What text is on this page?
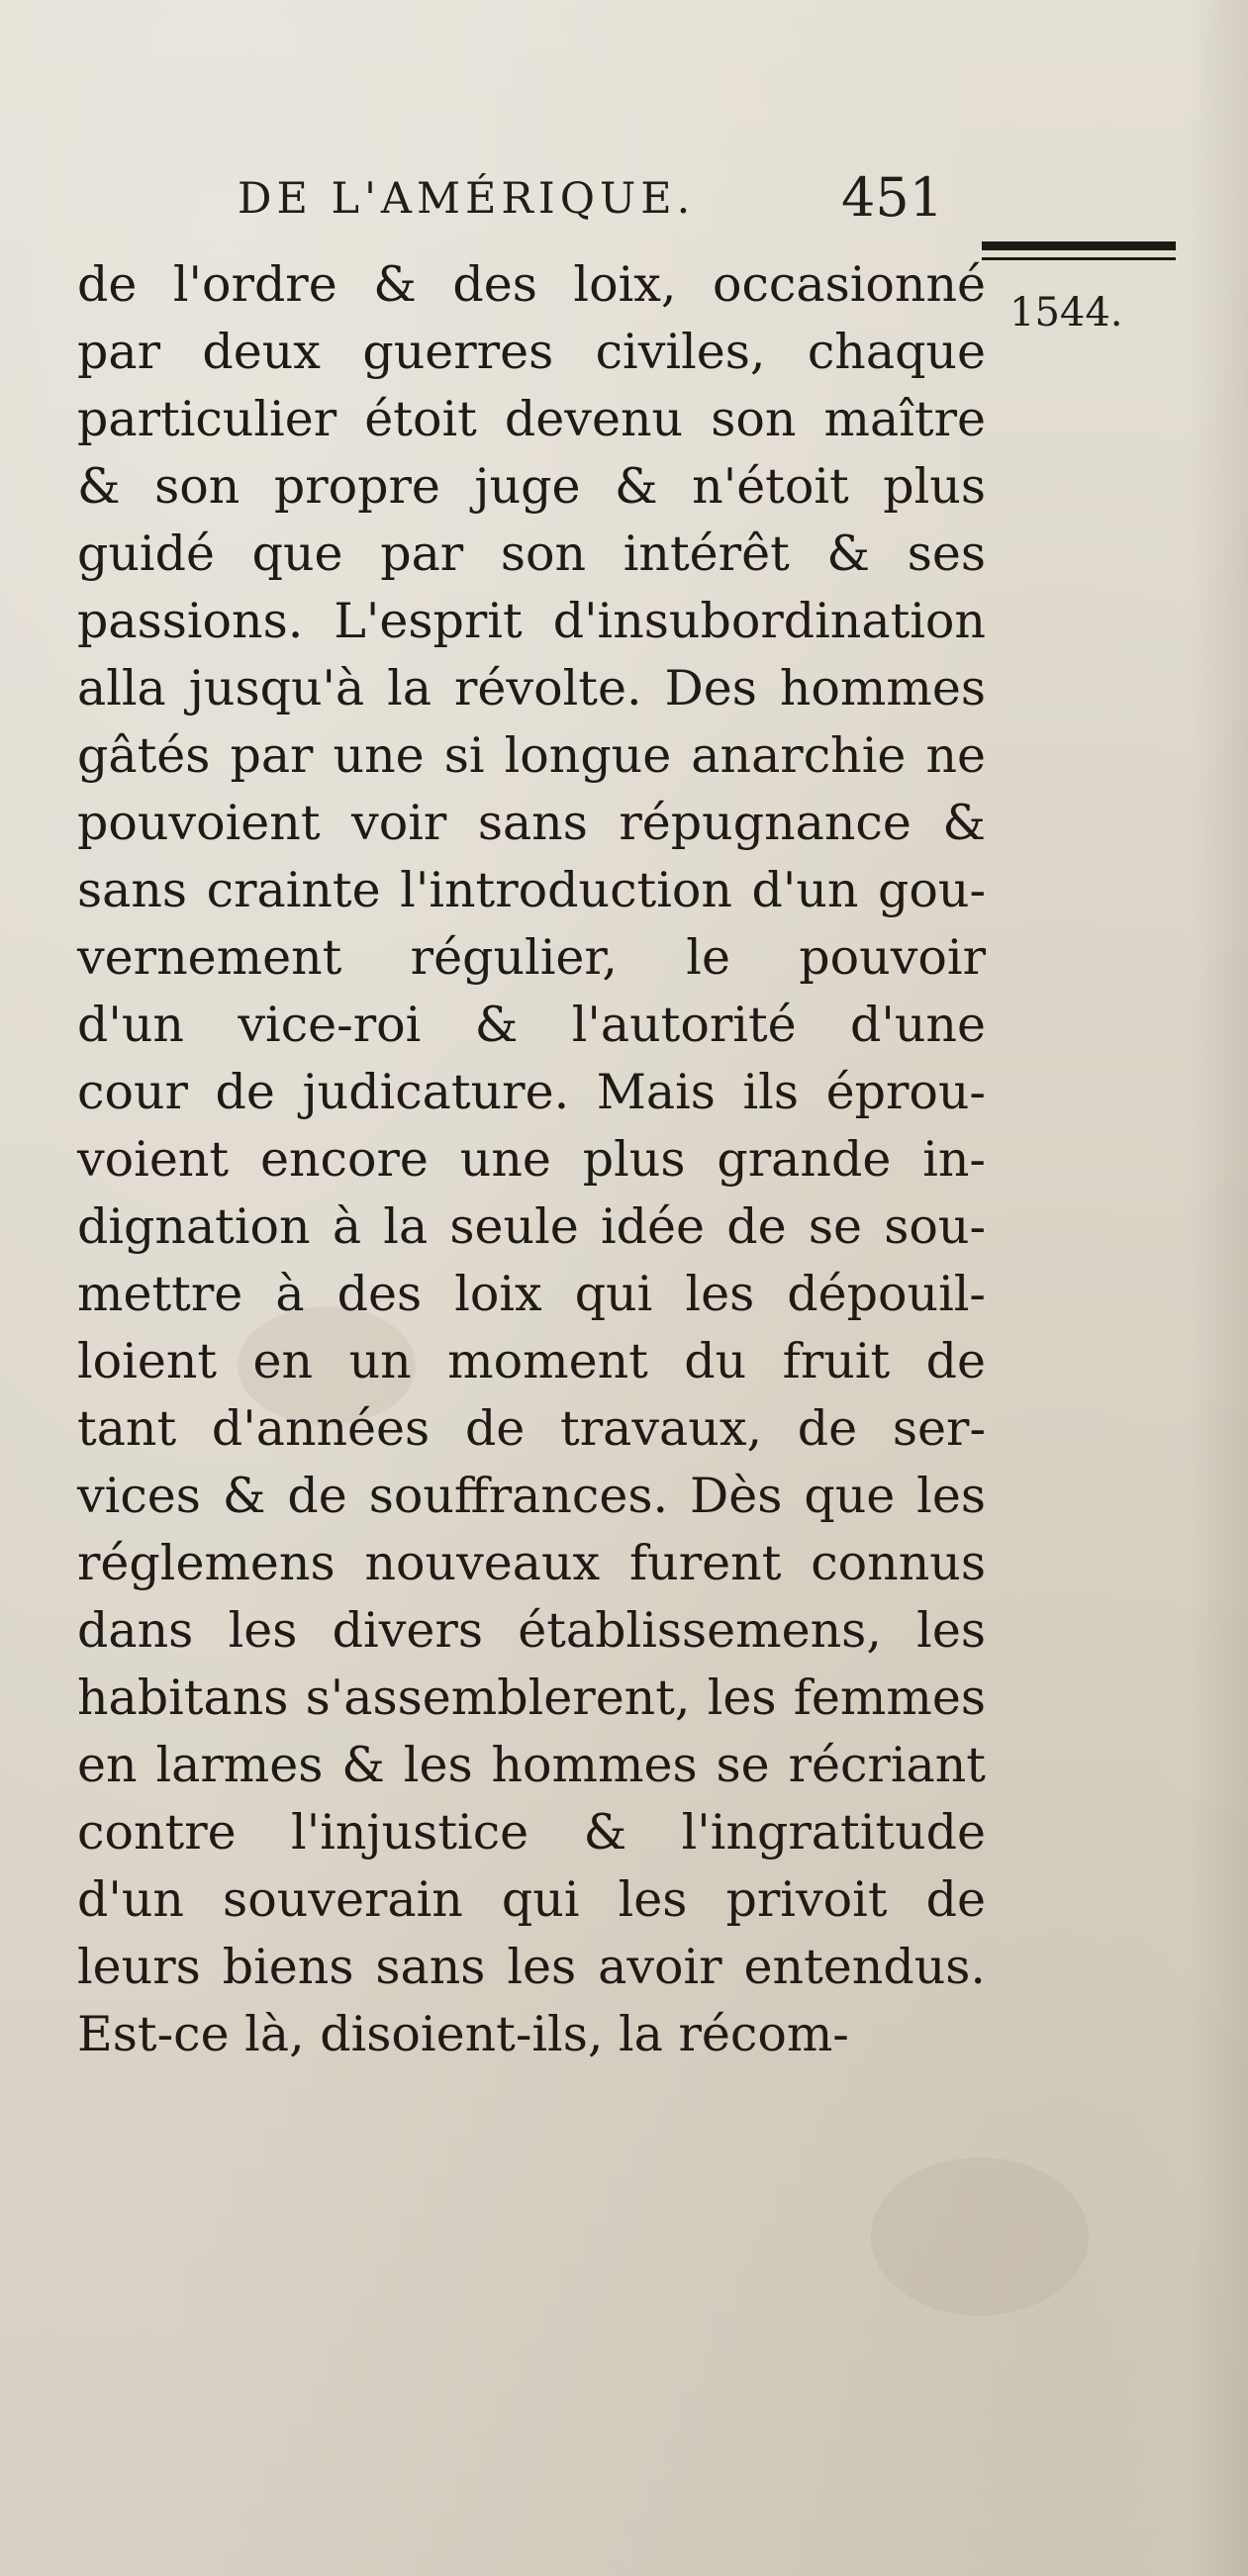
DE L'AMÉRIQUE.	451
1544.
de l'ordre & des loix, occasionné
par deux guerres civiles, chaque
particulier étoit devenu son maître
& son propre juge & n'étoit plus
guidé que par son intérêt & ses
passions. L'esprit d'insubordination
alla jusqu'à la révolte. Des hommes
gâtés par une si longue anarchie ne
pouvoient voir sans répugnance &
sans crainte l'introduction d'un gou-
vernement régulier, le pouvoir
d'un vice-roi & l'autorité d'une
cour de judicature. Mais ils éprou-
voient encore une plus grande in-
dignation à la seule idée de se sou-
mettre à des loix qui les dépouil-
loient en un moment du fruit de
tant d'années de travaux, de ser-
vices & de souffrances. Dès que les
réglemens nouveaux furent connus
dans les divers établissemens, les
habitans s'assemblerent, les femmes
en larmes & les hommes se récriant
contre l'injustice & l'ingratitude
d'un souverain qui les privoit de
leurs biens sans les avoir entendus.
Est-ce là, disoient-ils, la récom-
